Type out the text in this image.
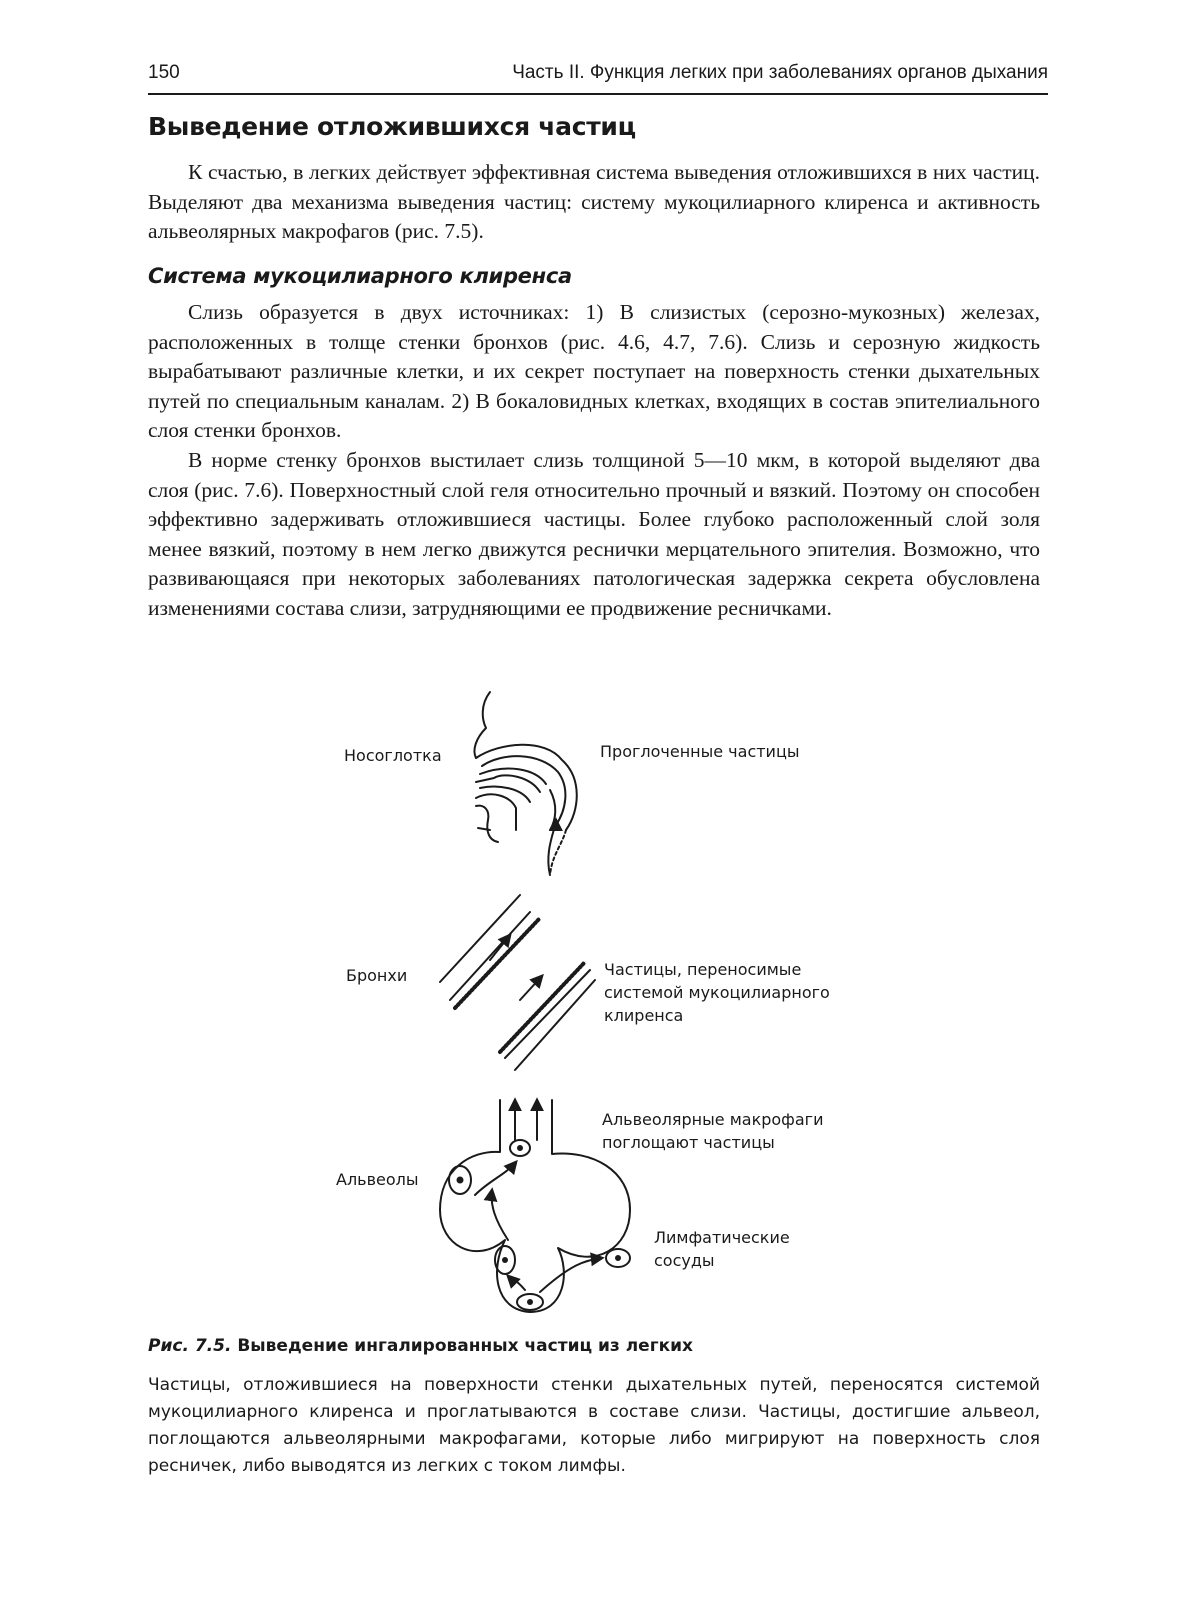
150	Часть II. Функция легких при заболеваниях органов дыхания
Выведение отложившихся частиц

К счастью, в легких действует эффективная система выведения отложившихся в них частиц. Выделяют два механизма выведения частиц: систему мукоцилиарного клиренса и активность альвеолярных макрофагов (рис. 7.5).

Система мукоцилиарного клиренса

Слизь образуется в двух источниках: 1) В слизистых (серозно-мукозных) железах, расположенных в толще стенки бронхов (рис. 4.6, 4.7, 7.6). Слизь и серозную жидкость вырабатывают различные клетки, и их секрет поступает на поверхность стенки дыхательных путей по специальным каналам. 2) В бокаловидных клетках, входящих в состав эпителиального слоя стенки бронхов.

В норме стенку бронхов выстилает слизь толщиной 5—10 мкм, в которой выделяют два слоя (рис. 7.6). Поверхностный слой геля относительно прочный и вязкий. Поэтому он способен эффективно задерживать отложившиеся частицы. Более глубоко расположенный слой золя менее вязкий, поэтому в нем легко движутся реснички мерцательного эпителия. Возможно, что развивающаяся при некоторых заболеваниях патологическая задержка секрета обусловлена изменениями состава слизи, затрудняющими ее продвижение ресничками.

Носоглотка	Проглоченные частицы
Бронхи	Частицы, переносимые системой мукоцилиарного клиренса
Альвеолы
Альвеолярные макрофаги поглощают частицы
Лимфатические сосуды
Рис. 7.5. Выведение ингалированных частиц из легких

Частицы, отложившиеся на поверхности стенки дыхательных путей, переносятся системой мукоцилиарного клиренса и проглатываются в составе слизи. Частицы, достигшие альвеол, поглощаются альвеолярными макрофагами, которые либо мигрируют на поверхность слоя ресничек, либо выводятся из легких с током лимфы.
